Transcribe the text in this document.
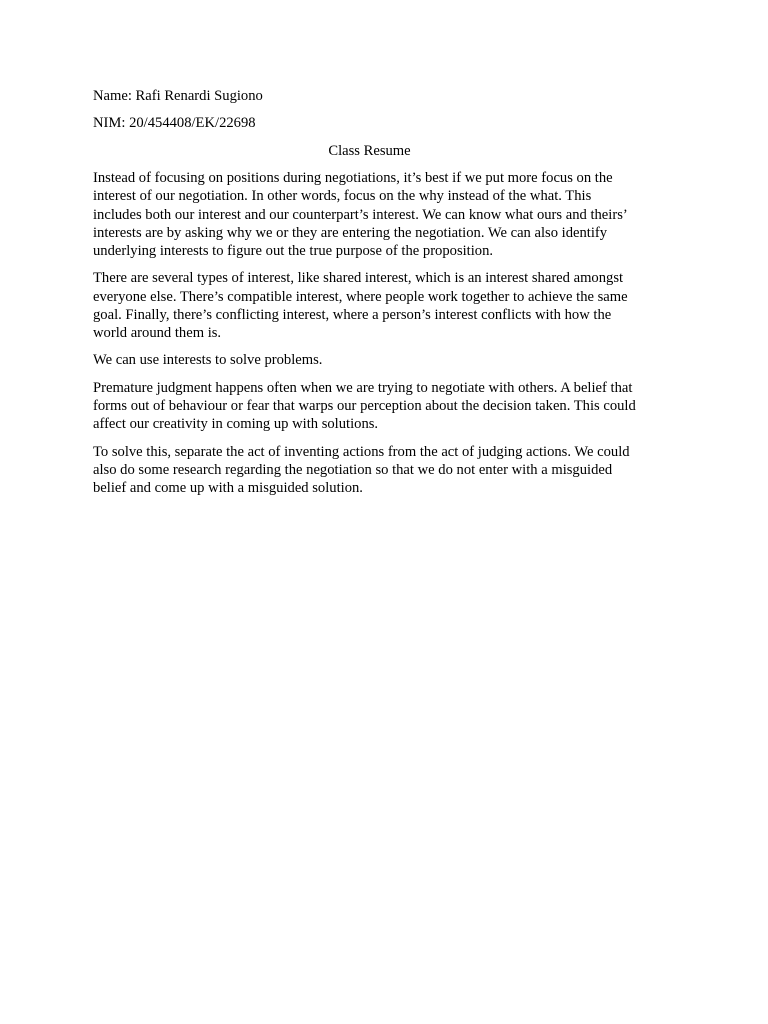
Name: Rafi Renardi Sugiono
NIM: 20/454408/EK/22698
Class Resume
Instead of focusing on positions during negotiations, it’s best if we put more focus on the
interest of our negotiation. In other words, focus on the why instead of the what. This
includes both our interest and our counterpart’s interest. We can know what ours and theirs’
interests are by asking why we or they are entering the negotiation. We can also identify
underlying interests to figure out the true purpose of the proposition.
There are several types of interest, like shared interest, which is an interest shared amongst
everyone else. There’s compatible interest, where people work together to achieve the same
goal. Finally, there’s conflicting interest, where a person’s interest conflicts with how the
world around them is.
We can use interests to solve problems.
Premature judgment happens often when we are trying to negotiate with others. A belief that
forms out of behaviour or fear that warps our perception about the decision taken. This could
affect our creativity in coming up with solutions.
To solve this, separate the act of inventing actions from the act of judging actions. We could
also do some research regarding the negotiation so that we do not enter with a misguided
belief and come up with a misguided solution.
